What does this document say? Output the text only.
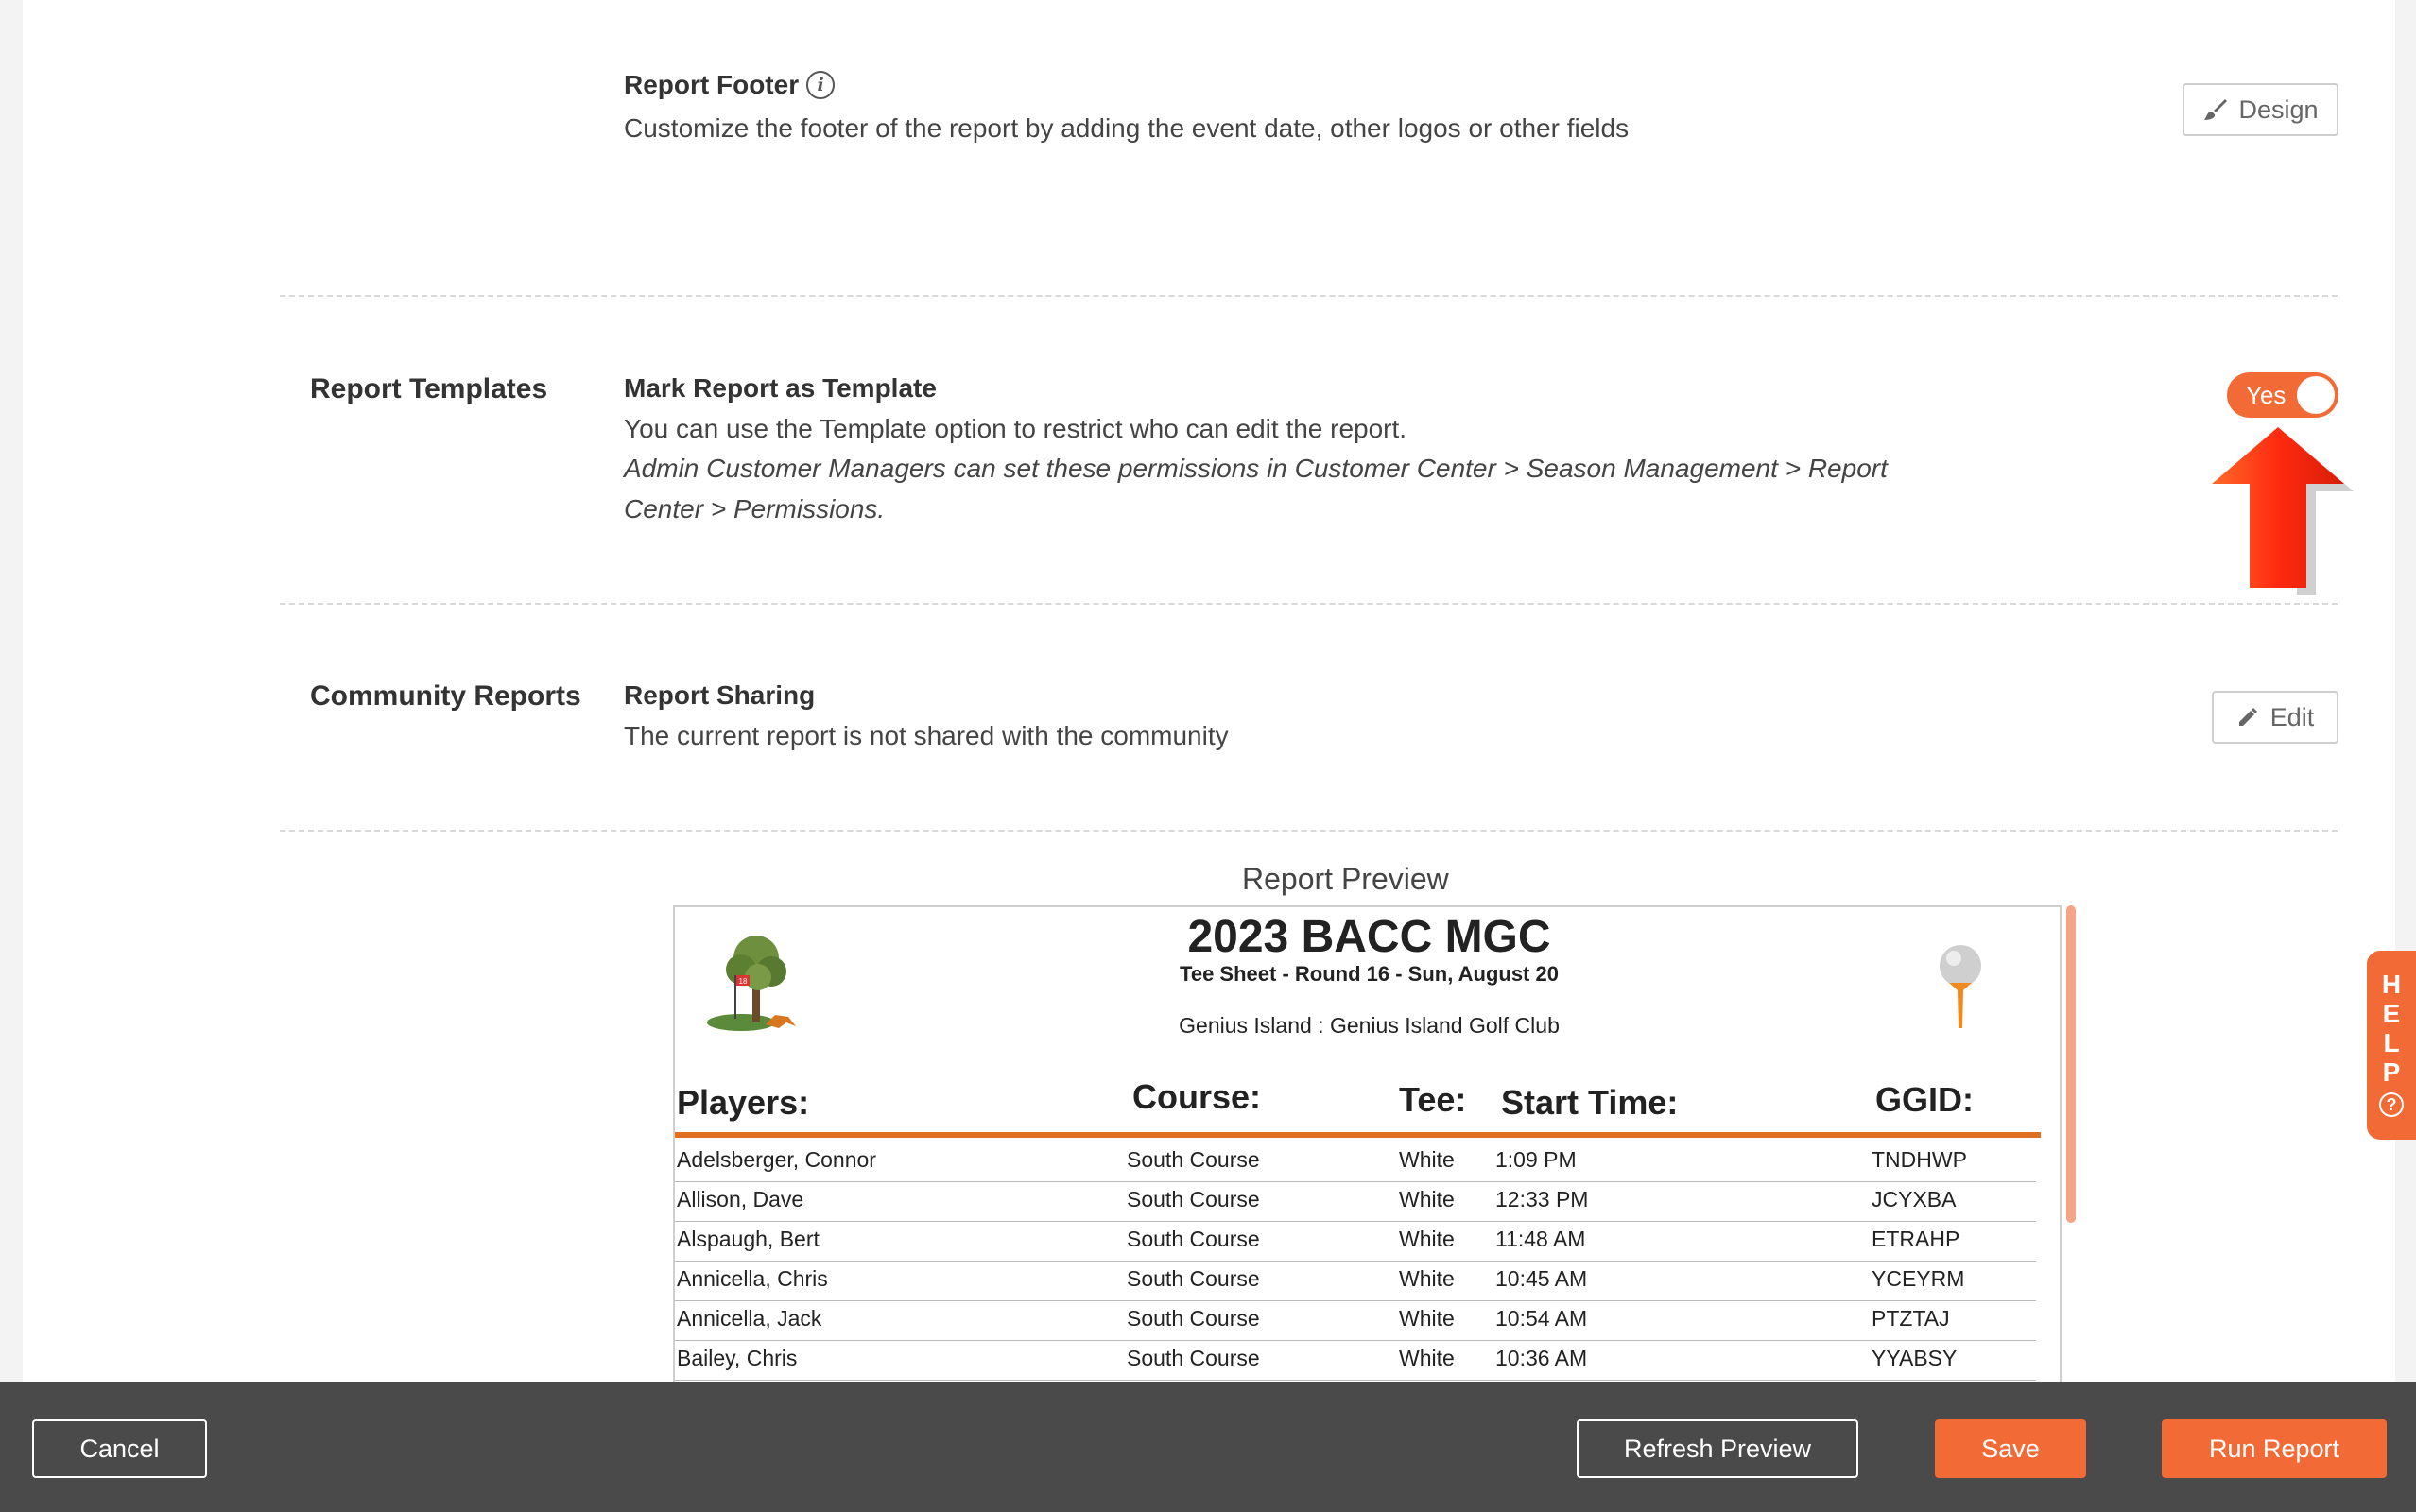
Report Footer i
Customize the footer of the report by adding the event date, other logos or other fields
Design
Report Templates	Mark Report as Template
You can use the Template option to restrict who can edit the report.
Admin Customer Managers can set these permissions in Customer Center > Season Management > Report Center > Permissions.
Yes
Community Reports Report Sharing
The current report is not shared with the community
Edit
Report Preview
18
2023 BACC MGC
Tee Sheet - Round 16 - Sun, August 20
Genius Island : Genius Island Golf Club
Players:	Course:	Tee: Start Time:	GGID:
Adelsberger, Connor	South Course	White 1:09 PM	TNDHWP
Allison, Dave	South Course	White 12:33 PM	JCYXBA
Alspaugh, Bert	South Course	White 11:48 AM	ETRAHP
Annicella, Chris	South Course	White 10:45 AM	YCEYRM
Annicella, Jack	South Course	White 10:54 AM	PTZTAJ
Bailey, Chris	South Course	White 10:36 AM	YYABSY
H
E
L
P
?
Cancel	Refresh Preview	Save	Run Report
